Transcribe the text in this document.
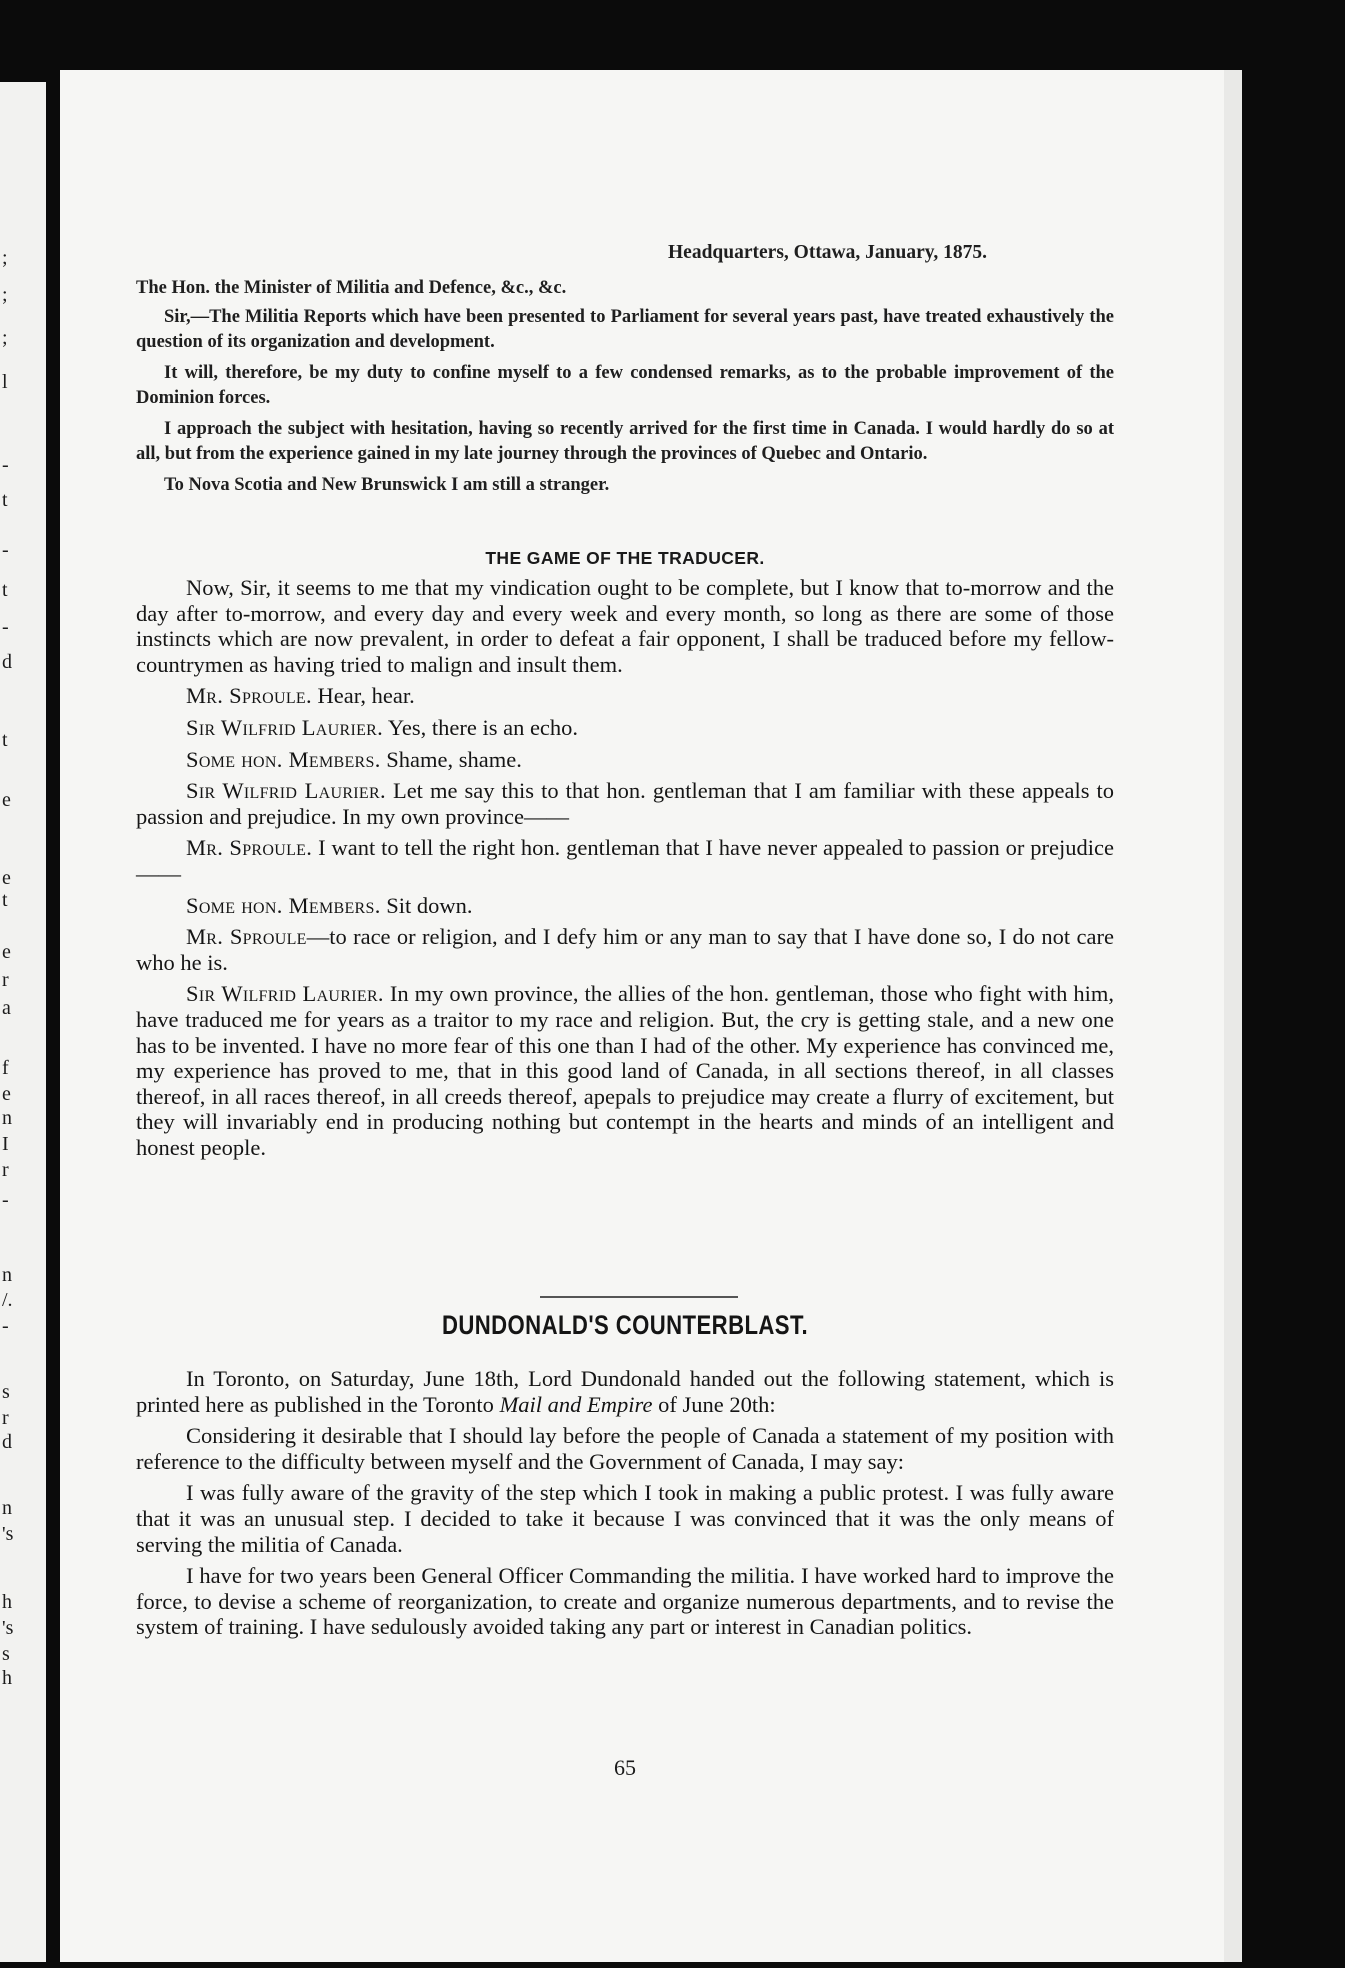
;
;
;
l
-
t
-
t
-
d
t
e
e
t
e
r
a
f
e
n
I
r
-
n
/.
-
s
r
d
n
's
h
's
s
h
Headquarters, Ottawa, January, 1875.

The Hon. the Minister of Militia and Defence, &c., &c.

Sir,—The Militia Reports which have been presented to Parliament for several years past, have treated exhaustively the question of its organization and development.

It will, therefore, be my duty to confine myself to a few condensed remarks, as to the probable improvement of the Dominion forces.

I approach the subject with hesitation, having so recently arrived for the first time in Canada. I would hardly do so at all, but from the experience gained in my late journey through the provinces of Quebec and Ontario.

To Nova Scotia and New Brunswick I am still a stranger.

THE GAME OF THE TRADUCER.

Now, Sir, it seems to me that my vindication ought to be complete, but I know that to-morrow and the day after to-morrow, and every day and every week and every month, so long as there are some of those instincts which are now prevalent, in order to defeat a fair opponent, I shall be traduced before my fellow-countrymen as having tried to malign and insult them.

Mr. Sproule. Hear, hear.

Sir Wilfrid Laurier. Yes, there is an echo.

Some hon. Members. Shame, shame.

Sir Wilfrid Laurier. Let me say this to that hon. gentleman that I am familiar with these appeals to passion and prejudice. In my own province——

Mr. Sproule. I want to tell the right hon. gentleman that I have never appealed to passion or prejudice——

Some hon. Members. Sit down.

Mr. Sproule—to race or religion, and I defy him or any man to say that I have done so, I do not care who he is.

Sir Wilfrid Laurier. In my own province, the allies of the hon. gentleman, those who fight with him, have traduced me for years as a traitor to my race and religion. But, the cry is getting stale, and a new one has to be invented. I have no more fear of this one than I had of the other. My experience has convinced me, my experience has proved to me, that in this good land of Canada, in all sections thereof, in all classes thereof, in all races thereof, in all creeds thereof, apepals to prejudice may create a flurry of excitement, but they will invariably end in producing nothing but contempt in the hearts and minds of an intelligent and honest people.

DUNDONALD'S COUNTERBLAST.

In Toronto, on Saturday, June 18th, Lord Dundonald handed out the following statement, which is printed here as published in the Toronto Mail and Empire of June 20th:

Considering it desirable that I should lay before the people of Canada a statement of my position with reference to the difficulty between myself and the Government of Canada, I may say:

I was fully aware of the gravity of the step which I took in making a public protest. I was fully aware that it was an unusual step. I decided to take it because I was convinced that it was the only means of serving the militia of Canada.

I have for two years been General Officer Commanding the militia. I have worked hard to improve the force, to devise a scheme of reorganization, to create and organize numerous departments, and to revise the system of training. I have sedulously avoided taking any part or interest in Canadian politics.

65
